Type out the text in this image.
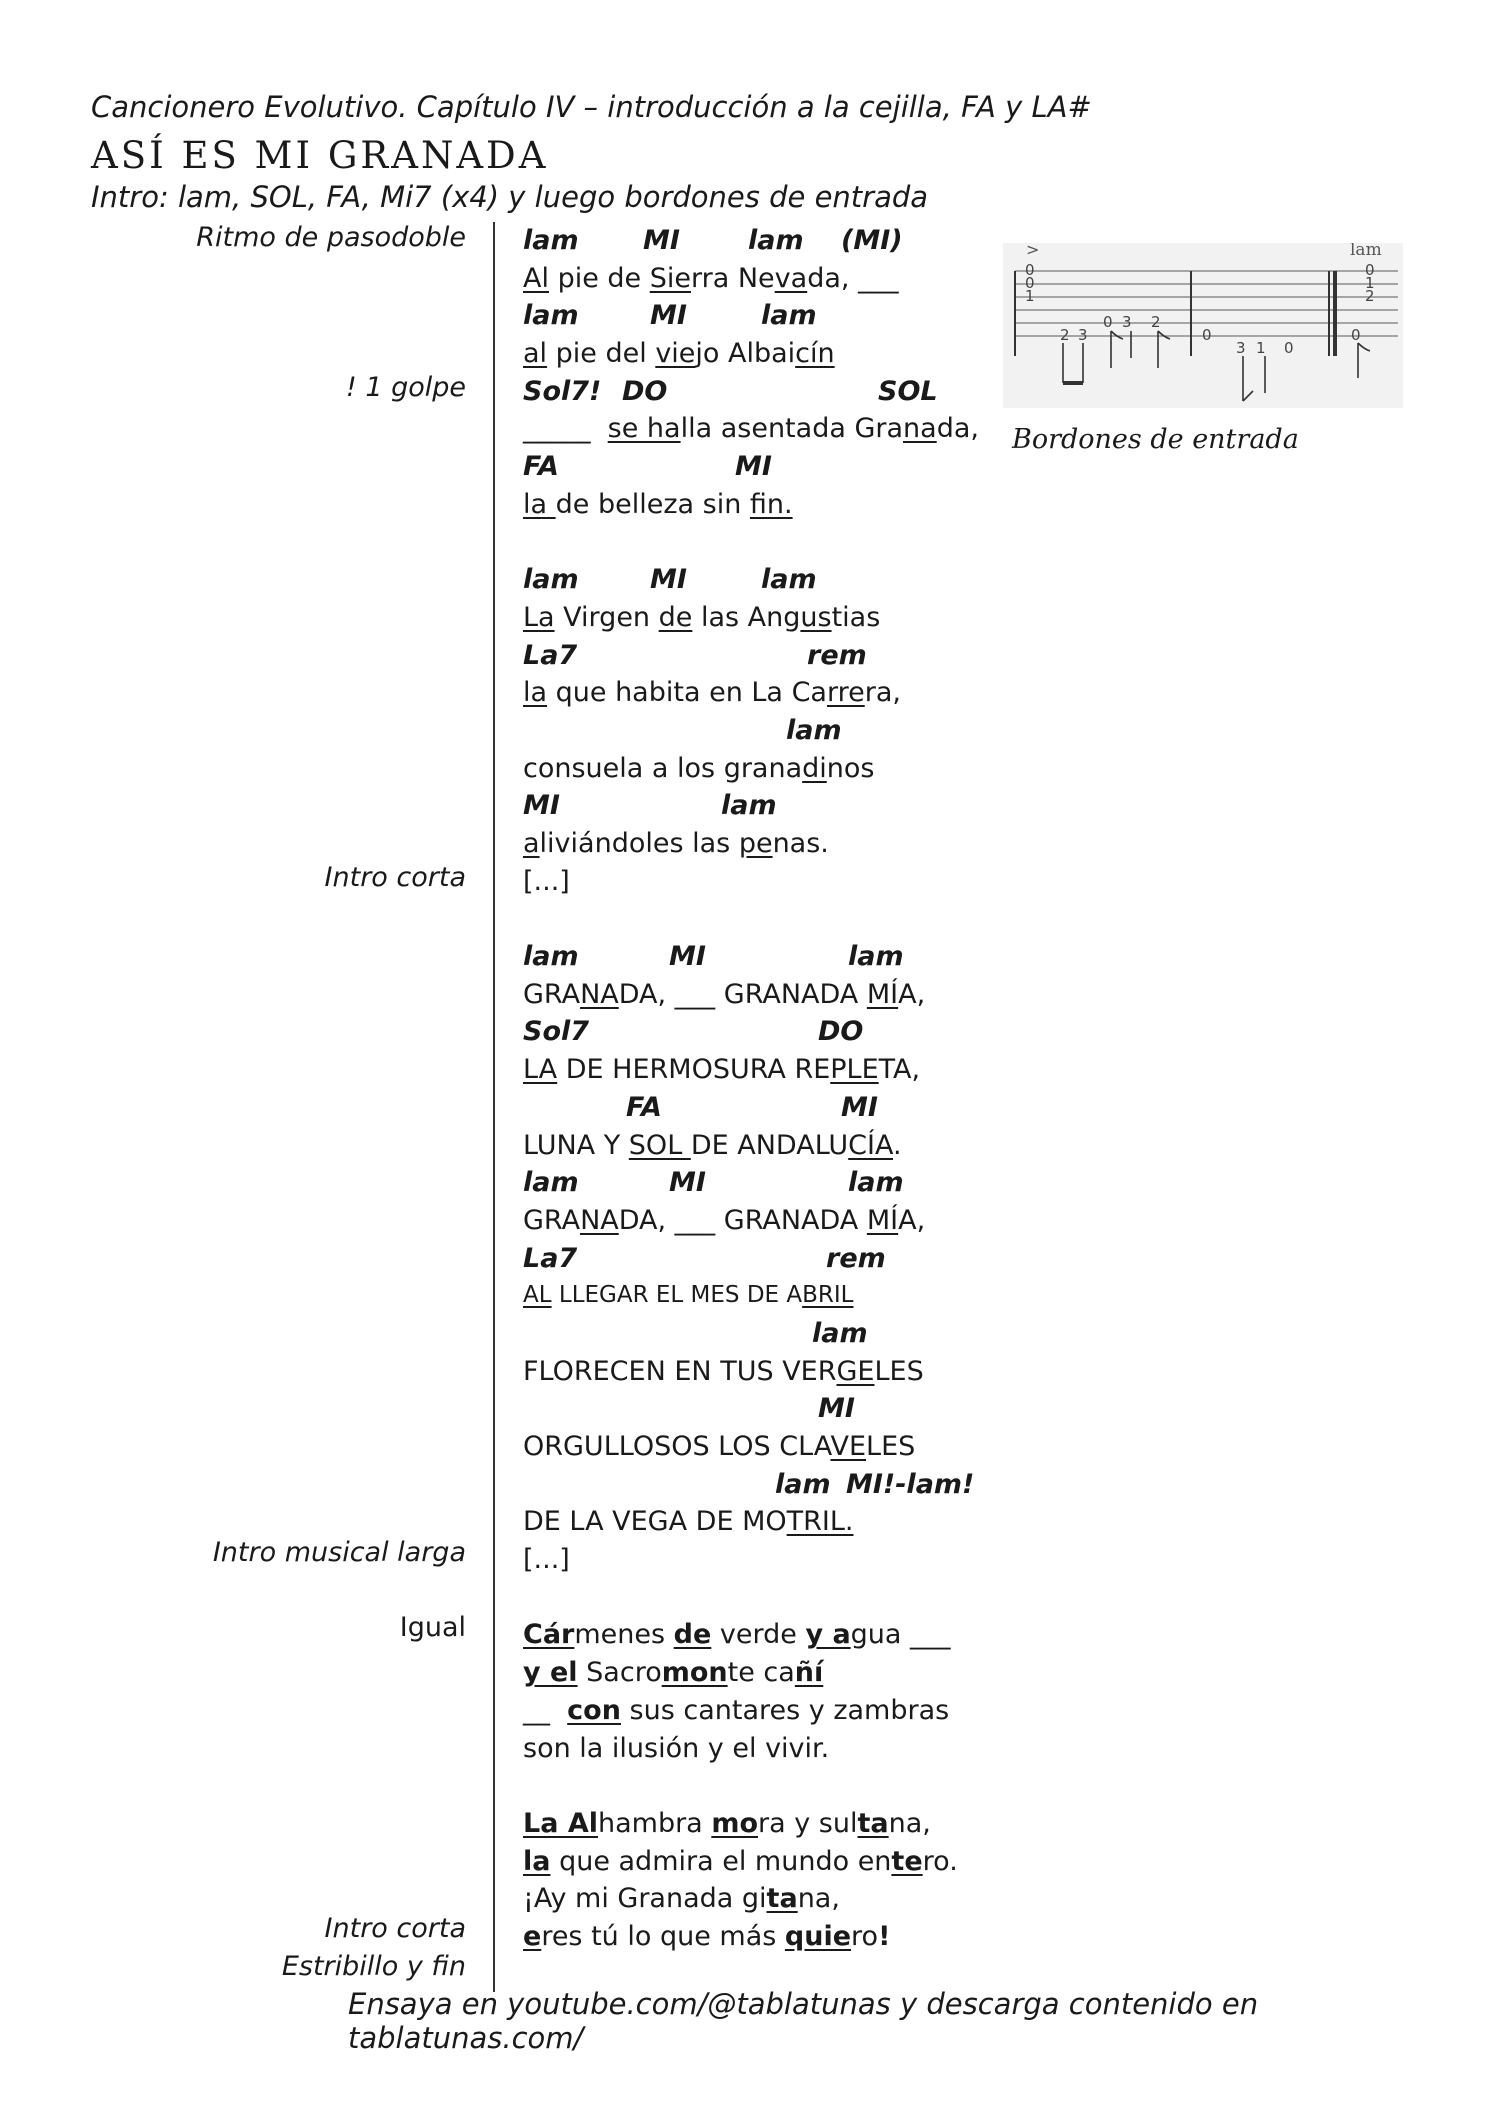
Cancionero Evolutivo. Capítulo IV – introducción a la cejilla, FA y LA#
ASÍ ES MI GRANADA
Intro: lam, SOL, FA, Mi7 (x4) y luego bordones de entrada
Ritmo de pasodoble
! 1 golpe
Intro corta
Intro musical larga
Igual
Intro corta
Estribillo y fin
>
0
0
1
2 3
0 3 2
0
3 1 0
0
0
1
2
lam
Bordones de entrada
lam MI	lam (MI)
Al pie de Sierra Nevada, ___
lam	MI	lam
al pie del viejo Albaicín
Sol7! DO	SOL
_____ se halla asentada Granada,
FA	MI
la de belleza sin fin.
lam	MI	lam
La Virgen de las Angustias
La7	rem
la que habita en La Carrera,
lam
consuela a los granadinos
MI	lam
aliviándoles las penas.
[...]
lam	MI	lam
GRANADA, ___ GRANADA MÍA,
Sol7	DO
LA DE HERMOSURA REPLETA,
FA	MI
LUNA Y SOL DE ANDALUCÍA.
lam	MI	lam
GRANADA, ___ GRANADA MÍA,
La7	rem
AL LLEGAR EL MES DE ABRIL
lam
FLORECEN EN TUS VERGELES
MI
ORGULLOSOS LOS CLAVELES
lam MI!-lam!
DE LA VEGA DE MOTRIL.
[...]
Cármenes de verde y agua ___
y el Sacromonte cañí
__  con sus cantares y zambras
son la ilusión y el vivir.
La Alhambra mora y sultana,
la que admira el mundo entero.
¡Ay mi Granada gitana,
eres tú lo que más quiero!
Ensaya en youtube.com/@tablatunas y descarga contenido en tablatunas.com/
